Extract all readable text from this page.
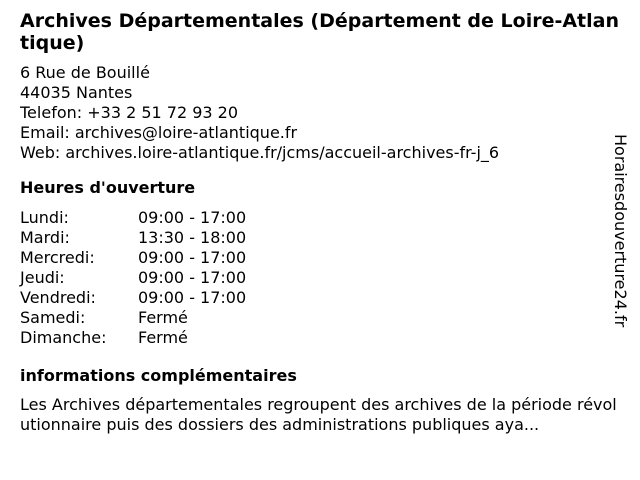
Archives Départementales (Département de Loire-Atlantique)
6 Rue de Bouillé
44035 Nantes
Telefon: +33 2 51 72 93 20
Email: archives@loire-atlantique.fr
Web: archives.loire-atlantique.fr/jcms/accueil-archives-fr-j_6
Heures d'ouverture
Lundi:	09:00 - 17:00
Mardi:	13:30 - 18:00
Mercredi:	09:00 - 17:00
Jeudi:	09:00 - 17:00
Vendredi:	09:00 - 17:00
Samedi:	Fermé
Dimanche:	Fermé
informations complémentaires
Les Archives départementales regroupent des archives de la période révolutionnaire puis des dossiers des administrations publiques aya...
Horairesdouverture24.fr
